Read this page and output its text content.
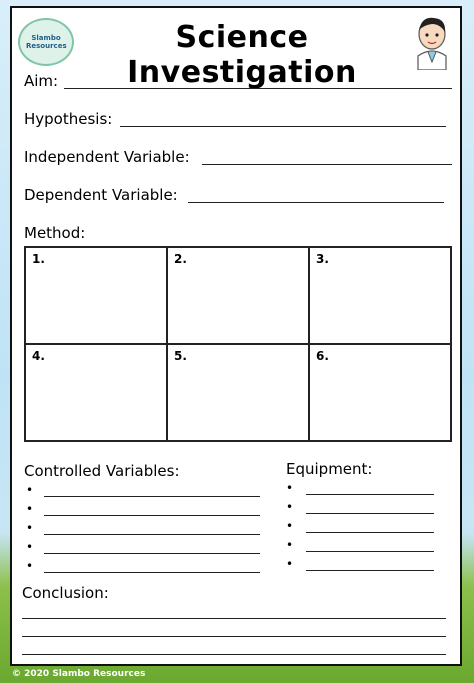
Slambo Resources	Science Investigation
Aim:
Hypothesis:
Independent Variable:
Dependent Variable:
Method:
1.	2.	3.
4.	5.	6.
Controlled Variables:	Equipment:
•
•
•
•
•
•
•
•
•
•
Conclusion:
© 2020 Slambo Resources
